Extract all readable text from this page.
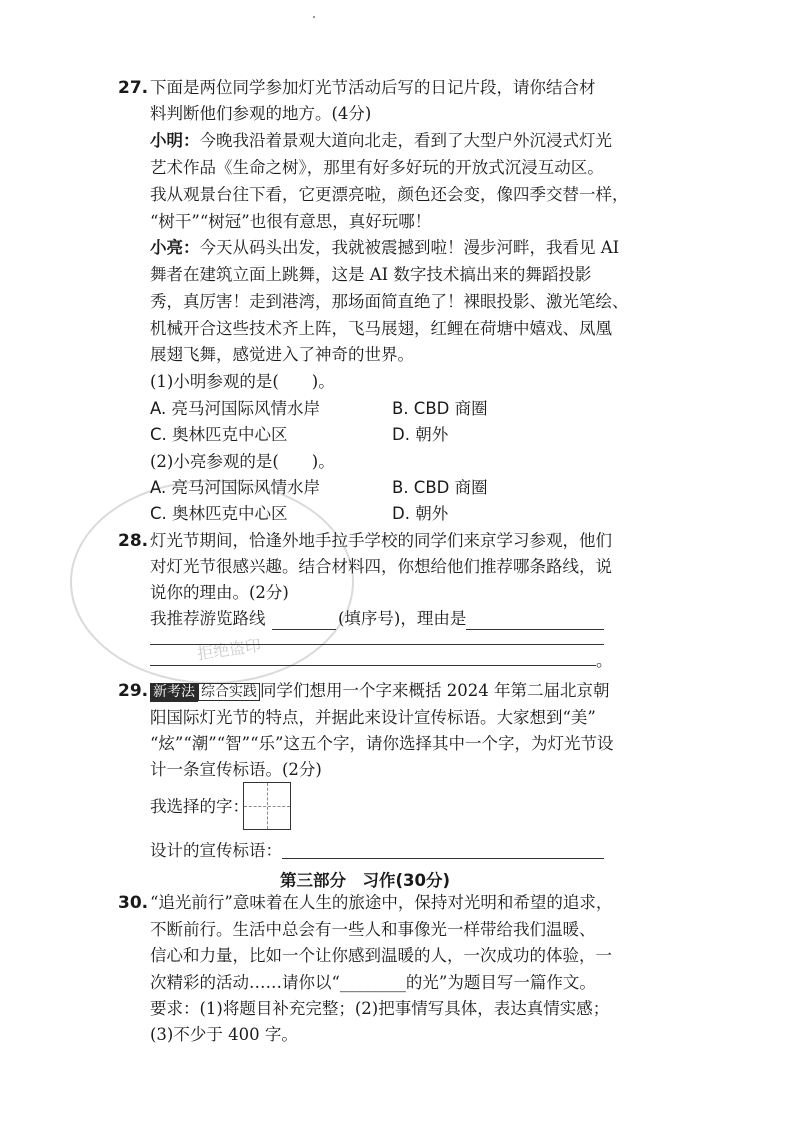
拒绝盗印
27. 下面是两位同学参加灯光节活动后写的日记片段，请你结合材
料判断他们参观的地方。(4分)
小明：今晚我沿着景观大道向北走，看到了大型户外沉浸式灯光
艺术作品《生命之树》，那里有好多好玩的开放式沉浸互动区。
我从观景台往下看，它更漂亮啦，颜色还会变，像四季交替一样，
“树干”“树冠”也很有意思，真好玩哪！
小亮：今天从码头出发，我就被震撼到啦！漫步河畔，我看见 AI
舞者在建筑立面上跳舞，这是 AI 数字技术搞出来的舞蹈投影
秀，真厉害！走到港湾，那场面简直绝了！裸眼投影、激光笔绘、
机械开合这些技术齐上阵，飞马展翅，红鲤在荷塘中嬉戏、凤凰
展翅飞舞，感觉进入了神奇的世界。
(1)小明参观的是(　　)。
A. 亮马河国际风情水岸	B. CBD 商圈
C. 奥林匹克中心区	D. 朝外
(2)小亮参观的是(　　)。
A. 亮马河国际风情水岸	B. CBD 商圈
C. 奥林匹克中心区	D. 朝外
28. 灯光节期间，恰逢外地手拉手学校的同学们来京学习参观，他们
对灯光节很感兴趣。结合材料四，你想给他们推荐哪条路线，说
说你的理由。(2分)
我推荐游览路线	(填序号)，理由是
。
29. 新考法 综合实践 同学们想用一个字来概括 2024 年第二届北京朝
阳国际灯光节的特点，并据此来设计宣传标语。大家想到“美”
“炫”“潮”“智”“乐”这五个字，请你选择其中一个字，为灯光节设
计一条宣传标语。(2分)
我选择的字：
设计的宣传标语：
第三部分　习作(30分)
30. “追光前行”意味着在人生的旅途中，保持对光明和希望的追求，
不断前行。生活中总会有一些人和事像光一样带给我们温暖、
信心和力量，比如一个让你感到温暖的人，一次成功的体验，一
次精彩的活动……请你以“________的光”为题目写一篇作文。
要求：(1)将题目补充完整；(2)把事情写具体，表达真情实感；
(3)不少于 400 字。
